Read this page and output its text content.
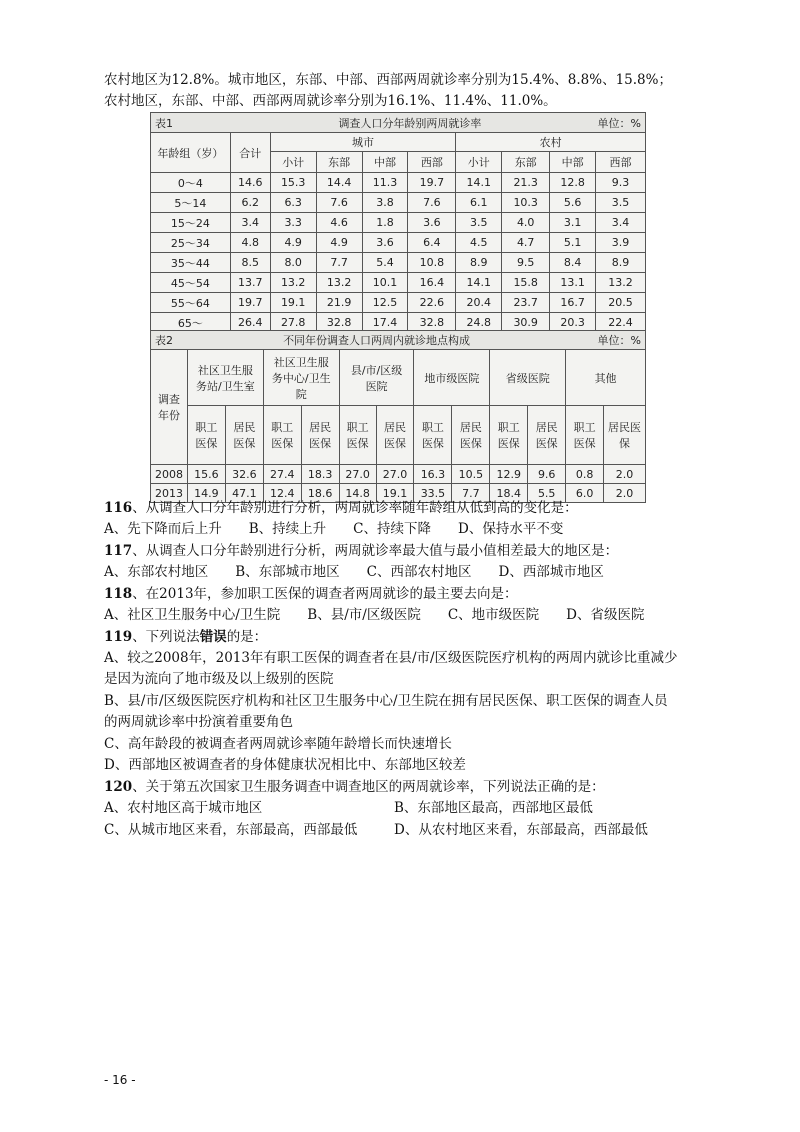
农村地区为12.8%。城市地区，东部、中部、西部两周就诊率分别为15.4%、8.8%、15.8%；
农村地区，东部、中部、西部两周就诊率分别为16.1%、11.4%、11.0%。
表1		调查人口分年龄别两周就诊率						单位：%	
年龄组（岁）	合计	城市				农村			
		小计	东部	中部	西部	小计	东部	中部	西部
0～4	14.6	15.3	14.4	11.3	19.7	14.1	21.3	12.8	9.3
5～14	6.2	6.3	7.6	3.8	7.6	6.1	10.3	5.6	3.5
15～24	3.4	3.3	4.6	1.8	3.6	3.5	4.0	3.1	3.4
25～34	4.8	4.9	4.9	3.6	6.4	4.5	4.7	5.1	3.9
35～44	8.5	8.0	7.7	5.4	10.8	8.9	9.5	8.4	8.9
45～54	13.7	13.2	13.2	10.1	16.4	14.1	15.8	13.1	13.2
55～64	19.7	19.1	21.9	12.5	22.6	20.4	23.7	16.7	20.5
65～	26.4	27.8	32.8	17.4	32.8	24.8	30.9	20.3	22.4
表2		不同年份调查人口两周内就诊地点构成								单位：%		
调查年份	社区卫生服务站/卫生室		社区卫生服务中心/卫生院		县/市/区级医院		地市级医院		省级医院		其他	
	职工医保	居民医保	职工医保	居民医保	职工医保	居民医保	职工医保	居民医保	职工医保	居民医保	职工医保	居民医保
2008	15.6	32.6	27.4	18.3	27.0	27.0	16.3	10.5	12.9	9.6	0.8	2.0
2013	14.9	47.1	12.4	18.6	14.8	19.1	33.5	7.7	18.4	5.5	6.0	2.0
116、从调查人口分年龄别进行分析，两周就诊率随年龄组从低到高的变化是：
A、先下降而后上升　　B、持续上升　　C、持续下降　　D、保持水平不变
117、从调查人口分年龄别进行分析，两周就诊率最大值与最小值相差最大的地区是：
A、东部农村地区　　B、东部城市地区　　C、西部农村地区　　D、西部城市地区
118、在2013年，参加职工医保的调查者两周就诊的最主要去向是：
A、社区卫生服务中心/卫生院　　B、县/市/区级医院　　C、地市级医院　　D、省级医院
119、下列说法错误的是：
A、较之2008年，2013年有职工医保的调查者在县/市/区级医院医疗机构的两周内就诊比重减少
是因为流向了地市级及以上级别的医院
B、县/市/区级医院医疗机构和社区卫生服务中心/卫生院在拥有居民医保、职工医保的调查人员
的两周就诊率中扮演着重要角色
C、高年龄段的被调查者两周就诊率随年龄增长而快速增长
D、西部地区被调查者的身体健康状况相比中、东部地区较差
120、关于第五次国家卫生服务调查中调查地区的两周就诊率，下列说法正确的是：
A、农村地区高于城市地区	B、东部地区最高，西部地区最低
C、从城市地区来看，东部最高，西部最低	D、从农村地区来看，东部最高，西部最低
- 16 -
